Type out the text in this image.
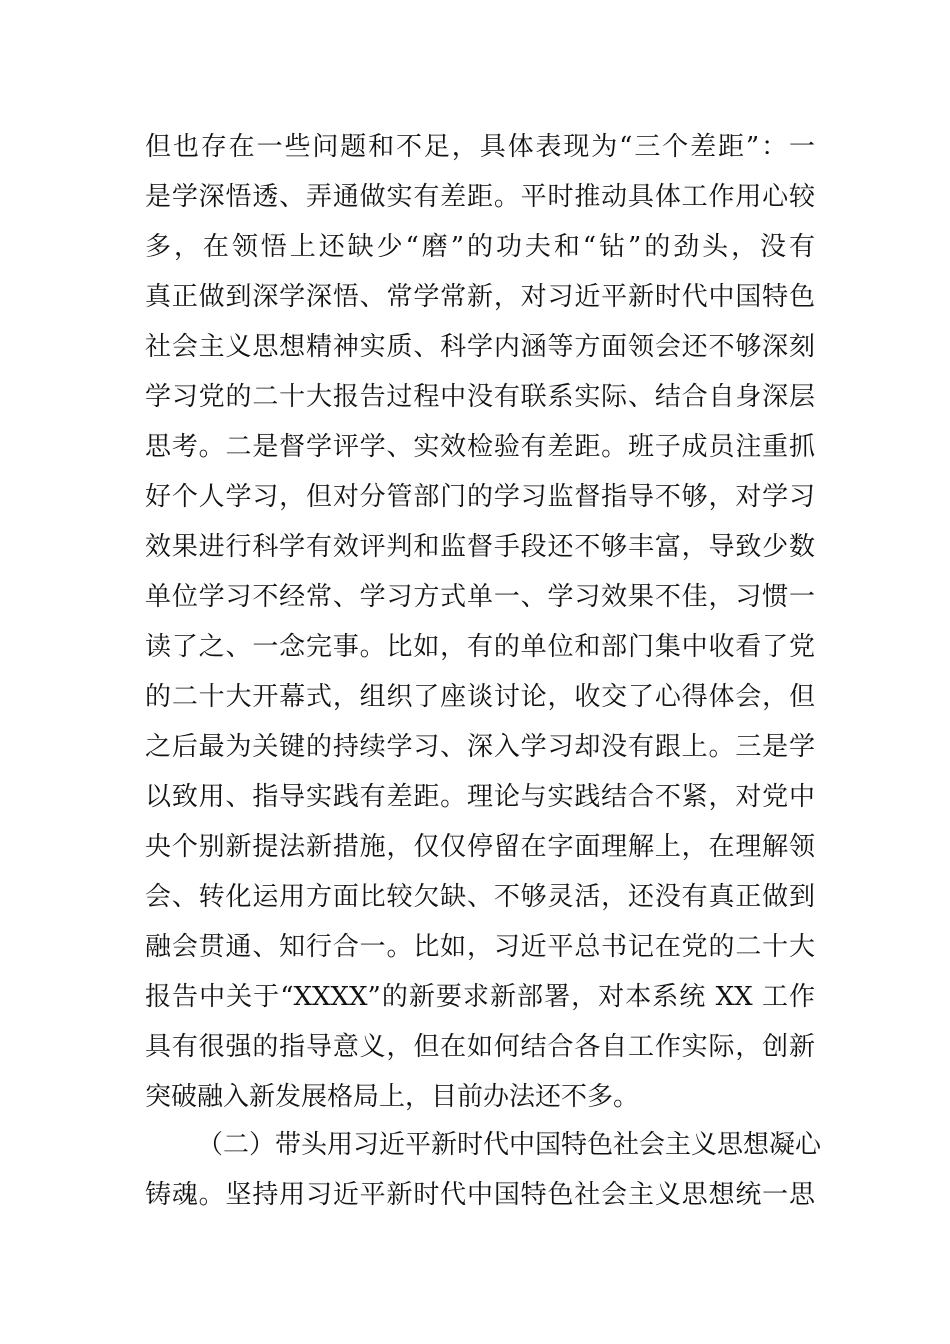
但也存在一些问题和不足，具体表现为“三个差距”：一
是学深悟透、弄通做实有差距。平时推动具体工作用心较
多，在领悟上还缺少“磨”的功夫和“钻”的劲头，没有
真正做到深学深悟、常学常新，对习近平新时代中国特色
社会主义思想精神实质、科学内涵等方面领会还不够深刻
学习党的二十大报告过程中没有联系实际、结合自身深层
思考。二是督学评学、实效检验有差距。班子成员注重抓
好个人学习，但对分管部门的学习监督指导不够，对学习
效果进行科学有效评判和监督手段还不够丰富，导致少数
单位学习不经常、学习方式单一、学习效果不佳，习惯一
读了之、一念完事。比如，有的单位和部门集中收看了党
的二十大开幕式，组织了座谈讨论，收交了心得体会，但
之后最为关键的持续学习、深入学习却没有跟上。三是学
以致用、指导实践有差距。理论与实践结合不紧，对党中
央个别新提法新措施，仅仅停留在字面理解上，在理解领
会、转化运用方面比较欠缺、不够灵活，还没有真正做到
融会贯通、知行合一。比如，习近平总书记在党的二十大
报告中关于“XXXX”的新要求新部署，对本系统 XX 工作
具有很强的指导意义，但在如何结合各自工作实际，创新
突破融入新发展格局上，目前办法还不多。
（二）带头用习近平新时代中国特色社会主义思想凝心
铸魂。坚持用习近平新时代中国特色社会主义思想统一思
